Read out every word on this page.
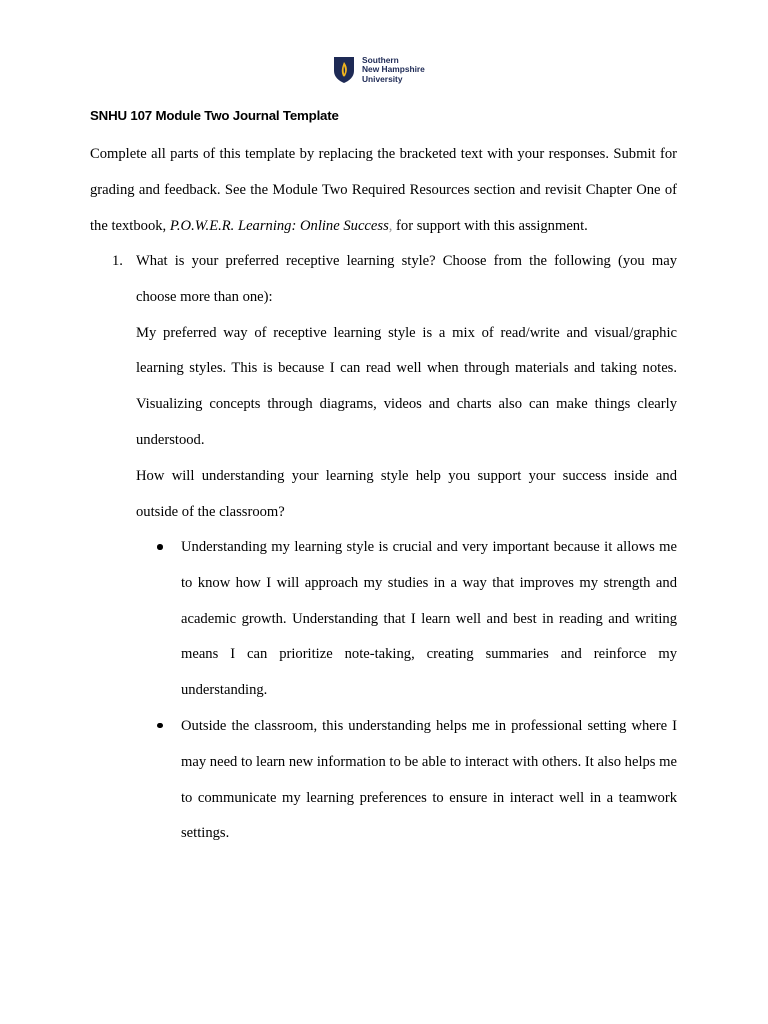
Southern
New Hampshire
University
SNHU 107 Module Two Journal Template

Complete all parts of this template by replacing the bracketed text with your responses. Submit for grading and feedback. See the Module Two Required Resources section and revisit Chapter One of the textbook, P.O.W.E.R. Learning: Online Success, for support with this assignment.

1. What is your preferred receptive learning style? Choose from the following (you may choose more than one):

My preferred way of receptive learning style is a mix of read/write and visual/graphic learning styles. This is because I can read well when through materials and taking notes. Visualizing concepts through diagrams, videos and charts also can make things clearly understood.

How will understanding your learning style help you support your success inside and outside of the classroom?

Understanding my learning style is crucial and very important because it allows me to know how I will approach my studies in a way that improves my strength and academic growth. Understanding that I learn well and best in reading and writing means I can prioritize note-taking, creating summaries and reinforce my understanding.

Outside the classroom, this understanding helps me in professional setting where I may need to learn new information to be able to interact with others. It also helps me to communicate my learning preferences to ensure in interact well in a teamwork settings.
